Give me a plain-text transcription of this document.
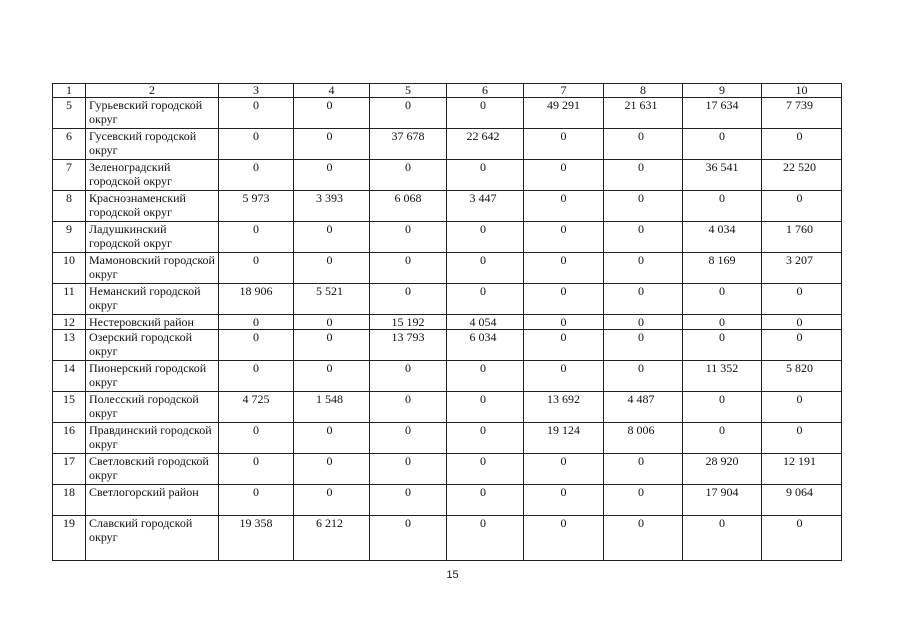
1	2	3	4	5	6	7	8	9	10
5	Гурьевский городской округ	0	0	0	0	49 291	21 631	17 634	7 739
6	Гусевский городской округ	0	0	37 678	22 642	0	0	0	0
7	Зеленоградский городской округ	0	0	0	0	0	0	36 541	22 520
8	Краснознаменский городской округ	5 973	3 393	6 068	3 447	0	0	0	0
9	Ладушкинский городской округ	0	0	0	0	0	0	4 034	1 760
10	Мамоновский городской округ	0	0	0	0	0	0	8 169	3 207
11	Неманский городской округ	18 906	5 521	0	0	0	0	0	0
12	Нестеровский район	0	0	15 192	4 054	0	0	0	0
13	Озерский городской округ	0	0	13 793	6 034	0	0	0	0
14	Пионерский городской округ	0	0	0	0	0	0	11 352	5 820
15	Полесский городской округ	4 725	1 548	0	0	13 692	4 487	0	0
16	Правдинский городской округ	0	0	0	0	19 124	8 006	0	0
17	Светловский городской округ	0	0	0	0	0	0	28 920	12 191
18	Светлогорский район	0	0	0	0	0	0	17 904	9 064
19	Славский городской округ	19 358	6 212	0	0	0	0	0	0
15
